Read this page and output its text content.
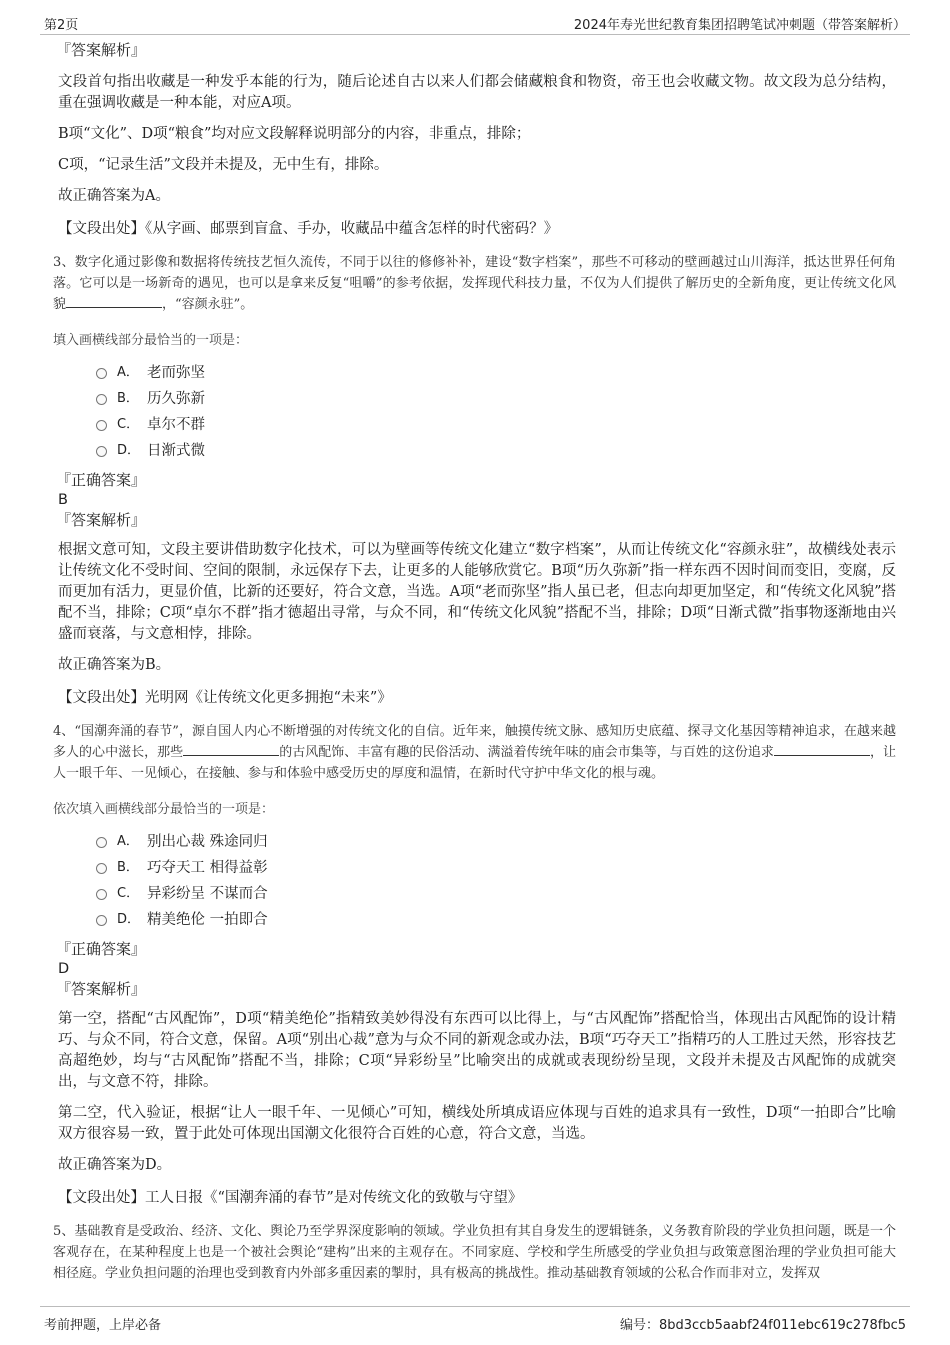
第2页	2024年寿光世纪教育集团招聘笔试冲刺题（带答案解析）

『答案解析』

文段首句指出收藏是一种发乎本能的行为，随后论述自古以来人们都会储藏粮食和物资，帝王也会收藏文物。故文段为总分结构，重在强调收藏是一种本能，对应A项。

B项“文化”、D项“粮食”均对应文段解释说明部分的内容，非重点，排除；

C项，“记录生活”文段并未提及，无中生有，排除。

故正确答案为A。

【文段出处】《从字画、邮票到盲盒、手办，收藏品中蕴含怎样的时代密码？》

3、数字化通过影像和数据将传统技艺恒久流传，不同于以往的修修补补，建设“数字档案”，那些不可移动的壁画越过山川海洋，抵达世界任何角落。它可以是一场新奇的遇见，也可以是拿来反复“咀嚼”的参考依据，发挥现代科技力量，不仅为人们提供了解历史的全新角度，更让传统文化风貌	，“容颜永驻”。

填入画横线部分最恰当的一项是：

A． 老而弥坚
B． 历久弥新
C． 卓尔不群
D． 日渐式微

『正确答案』

B

『答案解析』

根据文意可知，文段主要讲借助数字化技术，可以为壁画等传统文化建立“数字档案”，从而让传统文化“容颜永驻”，故横线处表示让传统文化不受时间、空间的限制，永远保存下去，让更多的人能够欣赏它。B项“历久弥新”指一样东西不因时间而变旧，变腐，反而更加有活力，更显价值，比新的还要好，符合文意，当选。A项“老而弥坚”指人虽已老，但志向却更加坚定，和“传统文化风貌”搭配不当，排除；C项“卓尔不群”指才德超出寻常，与众不同，和“传统文化风貌”搭配不当，排除；D项“日渐式微”指事物逐渐地由兴盛而衰落，与文意相悖，排除。

故正确答案为B。

【文段出处】光明网《让传统文化更多拥抱“未来”》

4、“国潮奔涌的春节”，源自国人内心不断增强的对传统文化的自信。近年来，触摸传统文脉、感知历史底蕴、探寻文化基因等精神追求，在越来越多人的心中滋长，那些	的古风配饰、丰富有趣的民俗活动、满溢着传统年味的庙会市集等，与百姓的这份追求	，让人一眼千年、一见倾心，在接触、参与和体验中感受历史的厚度和温情，在新时代守护中华文化的根与魂。

依次填入画横线部分最恰当的一项是：

A． 别出心裁 殊途同归
B． 巧夺天工 相得益彰
C． 异彩纷呈 不谋而合
D． 精美绝伦 一拍即合

『正确答案』

D

『答案解析』

第一空，搭配“古风配饰”，D项“精美绝伦”指精致美妙得没有东西可以比得上，与“古风配饰”搭配恰当，体现出古风配饰的设计精巧、与众不同，符合文意，保留。A项“别出心裁”意为与众不同的新观念或办法，B项“巧夺天工”指精巧的人工胜过天然，形容技艺高超绝妙，均与“古风配饰”搭配不当，排除；C项“异彩纷呈”比喻突出的成就或表现纷纷呈现，文段并未提及古风配饰的成就突出，与文意不符，排除。

第二空，代入验证，根据“让人一眼千年、一见倾心”可知，横线处所填成语应体现与百姓的追求具有一致性，D项“一拍即合”比喻双方很容易一致，置于此处可体现出国潮文化很符合百姓的心意，符合文意，当选。

故正确答案为D。

【文段出处】工人日报《“国潮奔涌的春节”是对传统文化的致敬与守望》

5、基础教育是受政治、经济、文化、舆论乃至学界深度影响的领域。学业负担有其自身发生的逻辑链条，义务教育阶段的学业负担问题，既是一个客观存在，在某种程度上也是一个被社会舆论“建构”出来的主观存在。不同家庭、学校和学生所感受的学业负担与政策意图治理的学业负担可能大相径庭。学业负担问题的治理也受到教育内外部多重因素的掣肘，具有极高的挑战性。推动基础教育领域的公私合作而非对立，发挥双

考前押题，上岸必备	编号：8bd3ccb5aabf24f011ebc619c278fbc5
